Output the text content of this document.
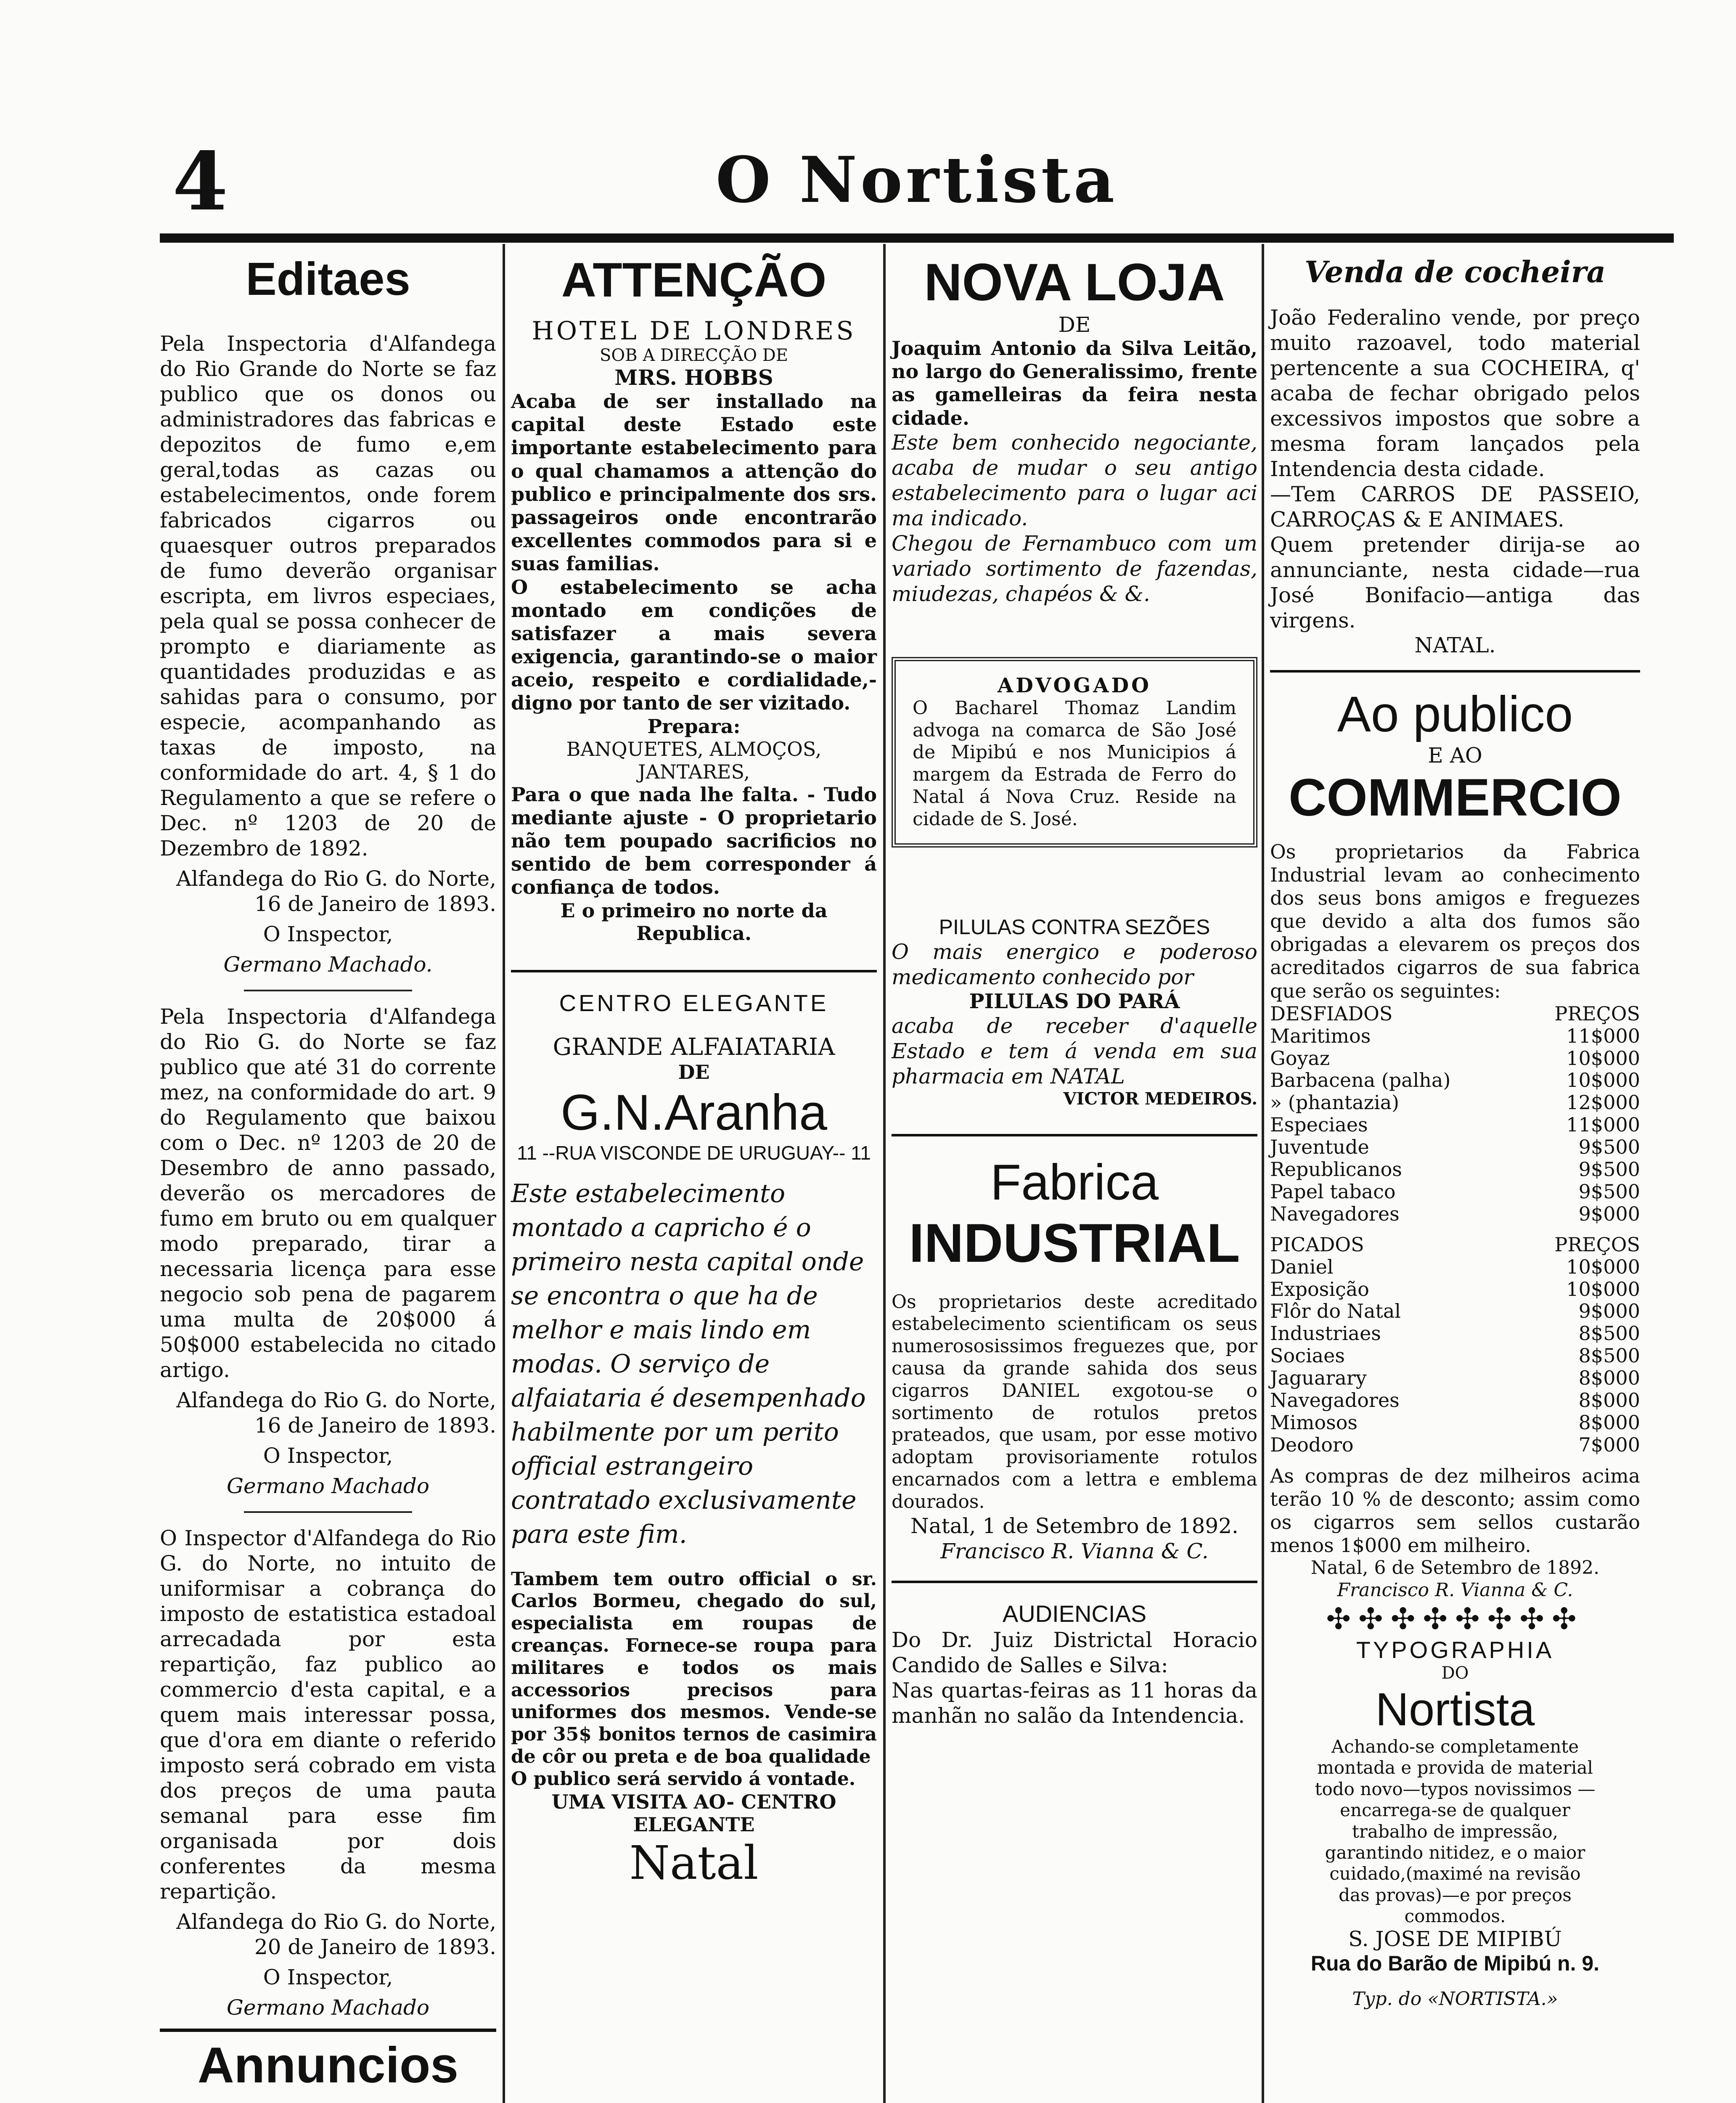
4	O Nortista
Editaes

Pela Inspectoria d'Alfandega do Rio Grande do Norte se faz publico que os donos ou administradores das fabricas e depozitos de fumo e,em geral,todas as cazas ou estabelecimentos, onde forem fabricados cigarros ou quaesquer outros preparados de fumo deverão organisar escripta, em livros especiaes, pela qual se possa conhecer de prompto e diariamente as quantidades produzidas e as sahidas para o consumo, por especie, acompanhando as taxas de imposto, na conformidade do art. 4, § 1 do Regulamento a que se refere o Dec. nº 1203 de 20 de Dezembro de 1892.

Alfandega do Rio G. do Norte, 16 de Janeiro de 1893.

O Inspector,

Germano Machado.

Pela Inspectoria d'Alfandega do Rio G. do Norte se faz publico que até 31 do corrente mez, na conformidade do art. 9 do Regulamento que baixou com o Dec. nº 1203 de 20 de Desembro de anno passado, deverão os mercadores de fumo em bruto ou em qualquer modo preparado, tirar a necessaria licença para esse negocio sob pena de pagarem uma multa de 20$000 á 50$000 estabelecida no citado artigo.

Alfandega do Rio G. do Norte, 16 de Janeiro de 1893.

O Inspector,

Germano Machado

O Inspector d'Alfandega do Rio G. do Norte, no intuito de uniformisar a cobrança do imposto de estatistica estadoal arrecadada por esta repartição, faz publico ao commercio d'esta capital, e a quem mais interessar possa, que d'ora em diante o referido imposto será cobrado em vista dos preços de uma pauta semanal para esse fim organisada por dois conferentes da mesma repartição.

Alfandega do Rio G. do Norte, 20 de Janeiro de 1893.

O Inspector,

Germano Machado

Annuncios
ATTENÇÃO
HOTEL DE LONDRES
SOB A DIRECÇÃO DE
MRS. HOBBS
Acaba de ser installado na capital deste Estado este importante estabelecimento para o qual chamamos a attenção do publico e principalmente dos srs. passageiros onde encontrarão excellentes commodos para si e suas familias.
O estabelecimento se acha montado em condições de satisfazer a mais severa exigencia, garantindo-se o maior aceio, respeito e cordialidade,- digno por tanto de ser vizitado.
Prepara:
BANQUETES, ALMOÇOS, JANTARES,
Para o que nada lhe falta. - Tudo mediante ajuste - O proprietario não tem poupado sacrificios no sentido de bem corresponder á confiança de todos.
E o primeiro no norte da Republica.
CENTRO ELEGANTE
GRANDE ALFAIATARIA
DE
G.N.Aranha
11 --RUA VISCONDE DE URUGUAY-- 11
Este estabelecimento montado a capricho é o primeiro nesta capital onde se encontra o que ha de melhor e mais lindo em modas. O serviço de alfaiataria é desempenhado habilmente por um perito official estrangeiro contratado exclusivamente para este fim.
Tambem tem outro official o sr. Carlos Bormeu, chegado do sul, especialista em roupas de creanças. Fornece-se roupa para militares e todos os mais accessorios precisos para uniformes dos mesmos. Vende-se por 35$ bonitos ternos de casimira de côr ou preta e de boa qualidade
O publico será servido á vontade.
UMA VISITA AO- CENTRO ELEGANTE
Natal
NOVA LOJA
DE
Joaquim Antonio da Silva Leitão, no largo do Generalissimo, frente as gamelleiras da feira nesta cidade.
Este bem conhecido negociante, acaba de mudar o seu antigo estabelecimento para o lugar aci ma indicado.
Chegou de Fernambuco com um variado sortimento de fazendas, miudezas, chapéos & &.
ADVOGADO
O Bacharel Thomaz Landim advoga na comarca de São José de Mipibú e nos Municipios á margem da Estrada de Ferro do Natal á Nova Cruz. Reside na cidade de S. José.
PILULAS CONTRA SEZÕES
O mais energico e poderoso medicamento conhecido por
PILULAS DO PARÁ
acaba de receber d'aquelle Estado e tem á venda em sua pharmacia em NATAL
VICTOR MEDEIROS.
Fabrica
INDUSTRIAL
Os proprietarios deste acreditado estabelecimento scientificam os seus numerososissimos freguezes que, por causa da grande sahida dos seus cigarros DANIEL exgotou-se o sortimento de rotulos pretos prateados, que usam, por esse motivo adoptam provisoriamente rotulos encarnados com a lettra e emblema dourados.
Natal, 1 de Setembro de 1892.
Francisco R. Vianna & C.
AUDIENCIAS
Do Dr. Juiz Districtal Horacio Candido de Salles e Silva:
Nas quartas-feiras as 11 horas da manhãn no salão da Intendencia.
Venda de cocheira
João Federalino vende, por preço muito razoavel, todo material pertencente a sua COCHEIRA, q' acaba de fechar obrigado pelos excessivos impostos que sobre a mesma foram lançados pela Intendencia desta cidade.
—Tem CARROS DE PASSEIO, CARROÇAS & E ANIMAES.
Quem pretender dirija-se ao annunciante, nesta cidade—rua José Bonifacio—antiga das virgens.
NATAL.
Ao publico
E AO
COMMERCIO
Os proprietarios da Fabrica Industrial levam ao conhecimento dos seus bons amigos e freguezes que devido a alta dos fumos são obrigadas a elevarem os preços dos acreditados cigarros de sua fabrica que serão os seguintes:
DESFIADOS	PREÇOS
Maritimos	11$000
Goyaz	10$000
Barbacena (palha)	10$000
» (phantazia)	12$000
Especiaes	11$000
Juventude	9$500
Republicanos	9$500
Papel tabaco	9$500
Navegadores	9$000
PICADOS	PREÇOS
Daniel	10$000
Exposição	10$000
Flôr do Natal	9$000
Industriaes	8$500
Sociaes	8$500
Jaguarary	8$000
Navegadores	8$000
Mimosos	8$000
Deodoro	7$000
As compras de dez milheiros acima terão 10 % de desconto; assim como os cigarros sem sellos custarão menos 1$000 em milheiro.
Natal, 6 de Setembro de 1892.
Francisco R. Vianna & C.
✣✣✣✣✣✣✣✣
TYPOGRAPHIA
DO
Nortista
Achando-se completamente montada e provida de material todo novo—typos novissimos — encarrega-se de qualquer trabalho de impressão, garantindo nitidez, e o maior cuidado,(maximé na revisão das provas)—e por preços commodos.
S. JOSE DE MIPIBÚ
Rua do Barão de Mipibú n. 9.
Typ. do «NORTISTA.»
